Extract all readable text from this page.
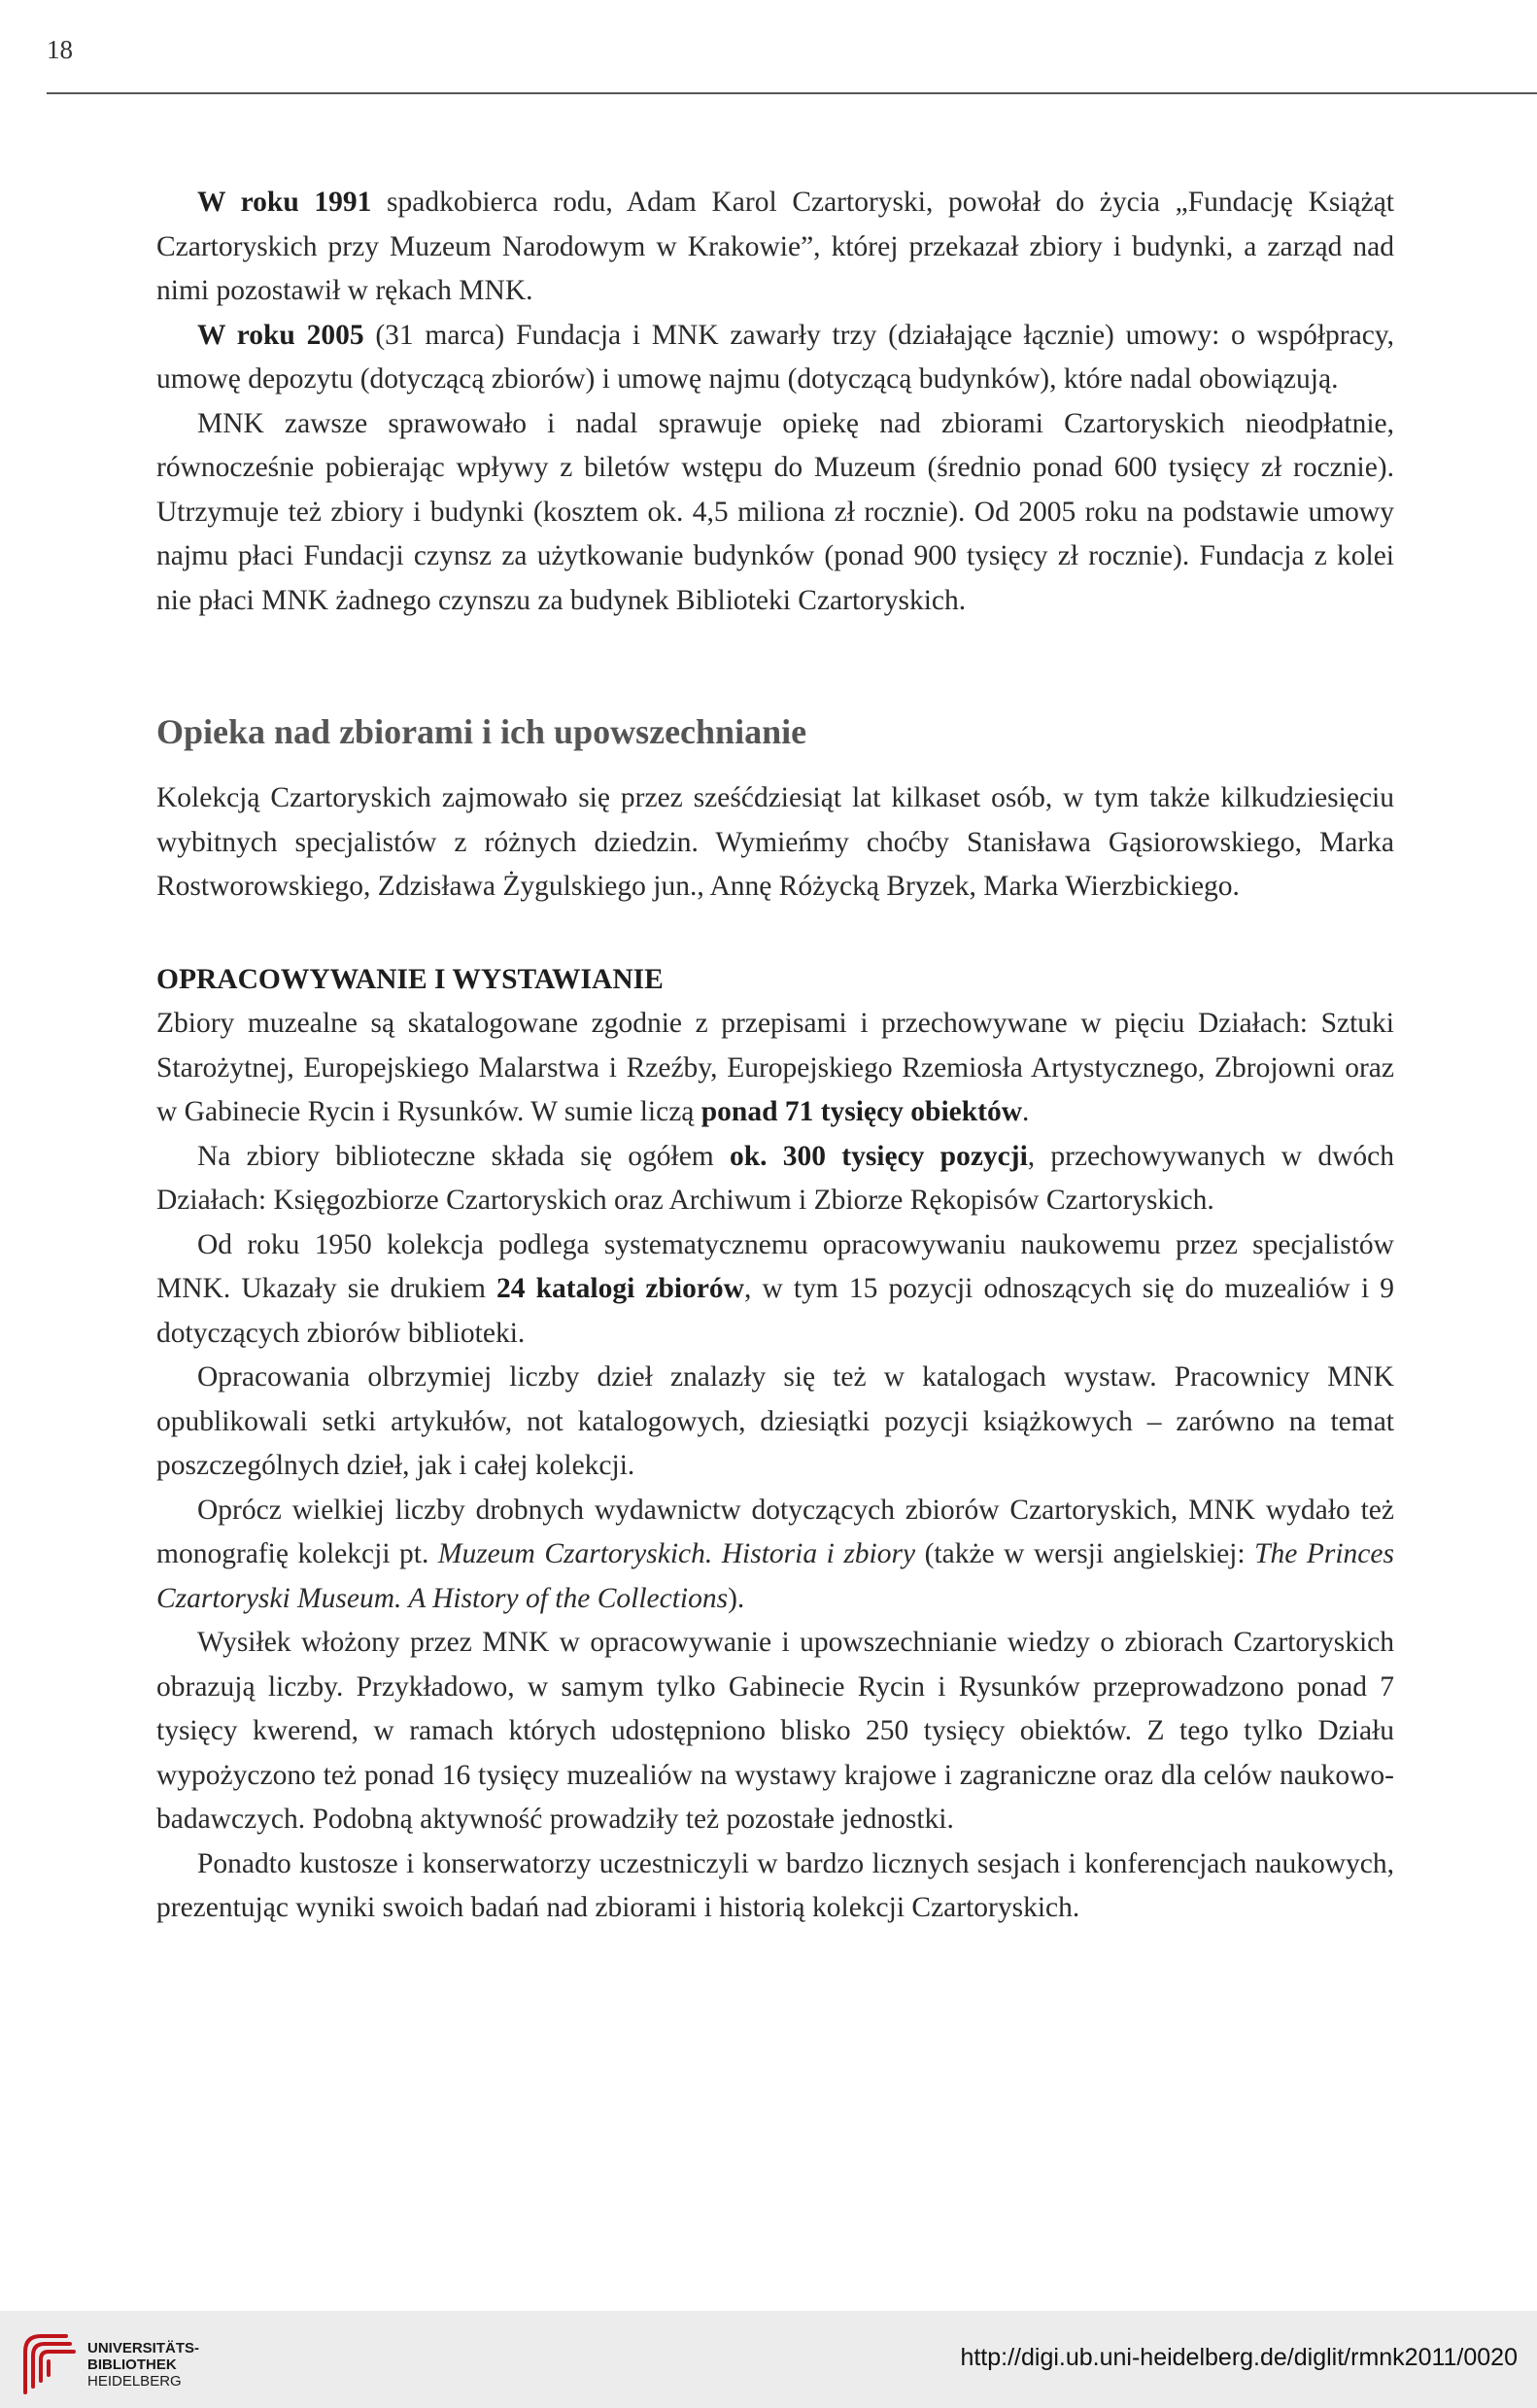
18

W roku 1991 spadkobierca rodu, Adam Karol Czartoryski, powołał do życia „Fundację Książąt Czartoryskich przy Muzeum Narodowym w Krakowie”, której przekazał zbiory i budynki, a zarząd nad nimi pozostawił w rękach MNK.

W roku 2005 (31 marca) Fundacja i MNK zawarły trzy (działające łącznie) umowy: o współpracy, umowę depozytu (dotyczącą zbiorów) i umowę najmu (dotyczącą budynków), które nadal obowiązują.

MNK zawsze sprawowało i nadal sprawuje opiekę nad zbiorami Czartoryskich nieodpłatnie, równocześnie pobierając wpływy z biletów wstępu do Muzeum (średnio ponad 600 tysięcy zł rocznie). Utrzymuje też zbiory i budynki (kosztem ok. 4,5 miliona zł rocznie). Od 2005 roku na podstawie umowy najmu płaci Fundacji czynsz za użytkowanie budynków (ponad 900 tysięcy zł rocznie). Fundacja z kolei nie płaci MNK żadnego czynszu za budynek Biblioteki Czartoryskich.

Opieka nad zbiorami i ich upowszechnianie

Kolekcją Czartoryskich zajmowało się przez sześćdziesiąt lat kilkaset osób, w tym także kilkudziesięciu wybitnych specjalistów z różnych dziedzin. Wymieńmy choćby Stanisława Gąsiorowskiego, Marka Rostworowskiego, Zdzisława Żygulskiego jun., Annę Różycką Bryzek, Marka Wierzbickiego.

OPRACOWYWANIE I WYSTAWIANIE

Zbiory muzealne są skatalogowane zgodnie z przepisami i przechowywane w pięciu Działach: Sztuki Starożytnej, Europejskiego Malarstwa i Rzeźby, Europejskiego Rzemiosła Artystycznego, Zbrojowni oraz w Gabinecie Rycin i Rysunków. W sumie liczą ponad 71 tysięcy obiektów.

Na zbiory biblioteczne składa się ogółem ok. 300 tysięcy pozycji, przechowywanych w dwóch Działach: Księgozbiorze Czartoryskich oraz Archiwum i Zbiorze Rękopisów Czartoryskich.

Od roku 1950 kolekcja podlega systematycznemu opracowywaniu naukowemu przez specjalistów MNK. Ukazały sie drukiem 24 katalogi zbiorów, w tym 15 pozycji odnoszących się do muzealiów i 9 dotyczących zbiorów biblioteki.

Opracowania olbrzymiej liczby dzieł znalazły się też w katalogach wystaw. Pracownicy MNK opublikowali setki artykułów, not katalogowych, dziesiątki pozycji książkowych – zarówno na temat poszczególnych dzieł, jak i całej kolekcji.

Oprócz wielkiej liczby drobnych wydawnictw dotyczących zbiorów Czartoryskich, MNK wydało też monografię kolekcji pt. Muzeum Czartoryskich. Historia i zbiory (także w wersji angielskiej: The Princes Czartoryski Museum. A History of the Collections).

Wysiłek włożony przez MNK w opracowywanie i upowszechnianie wiedzy o zbiorach Czartoryskich obrazują liczby. Przykładowo, w samym tylko Gabinecie Rycin i Rysunków przeprowadzono ponad 7 tysięcy kwerend, w ramach których udostępniono blisko 250 tysięcy obiektów. Z tego tylko Działu wypożyczono też ponad 16 tysięcy muzealiów na wystawy krajowe i zagraniczne oraz dla celów naukowo-badawczych. Podobną aktywność prowadziły też pozostałe jednostki.

Ponadto kustosze i konserwatorzy uczestniczyli w bardzo licznych sesjach i konferencjach naukowych, prezentując wyniki swoich badań nad zbiorami i historią kolekcji Czartoryskich.

UNIVERSITÄTS-
BIBLIOTHEK
HEIDELBERG
http://digi.ub.uni-heidelberg.de/diglit/rmnk2011/0020
